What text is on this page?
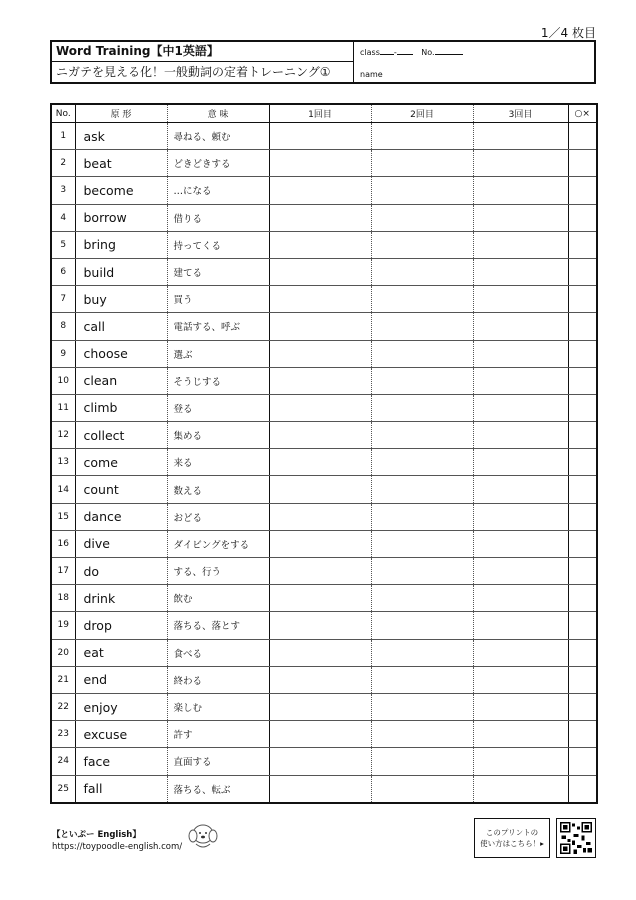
1／4 枚目
Word Training【中1英語】
ニガテを見える化！一般動詞の定着トレーニング①
class -	No.
name
No.	原 形	意 味	1回目	2回目	3回目	○×
1	ask	尋ねる、頼む				
2	beat	どきどきする				
3	become	…になる				
4	borrow	借りる				
5	bring	持ってくる				
6	build	建てる				
7	buy	買う				
8	call	電話する、呼ぶ				
9	choose	選ぶ				
10	clean	そうじする				
11	climb	登る				
12	collect	集める				
13	come	来る				
14	count	数える				
15	dance	おどる				
16	dive	ダイビングをする				
17	do	する、行う				
18	drink	飲む				
19	drop	落ちる、落とす				
20	eat	食べる				
21	end	終わる				
22	enjoy	楽しむ				
23	excuse	許す				
24	face	直面する				
25	fall	落ちる、転ぶ				
【といぷー English】
https://toypoodle-english.com/
このプリントの
使い方はこちら！▸
